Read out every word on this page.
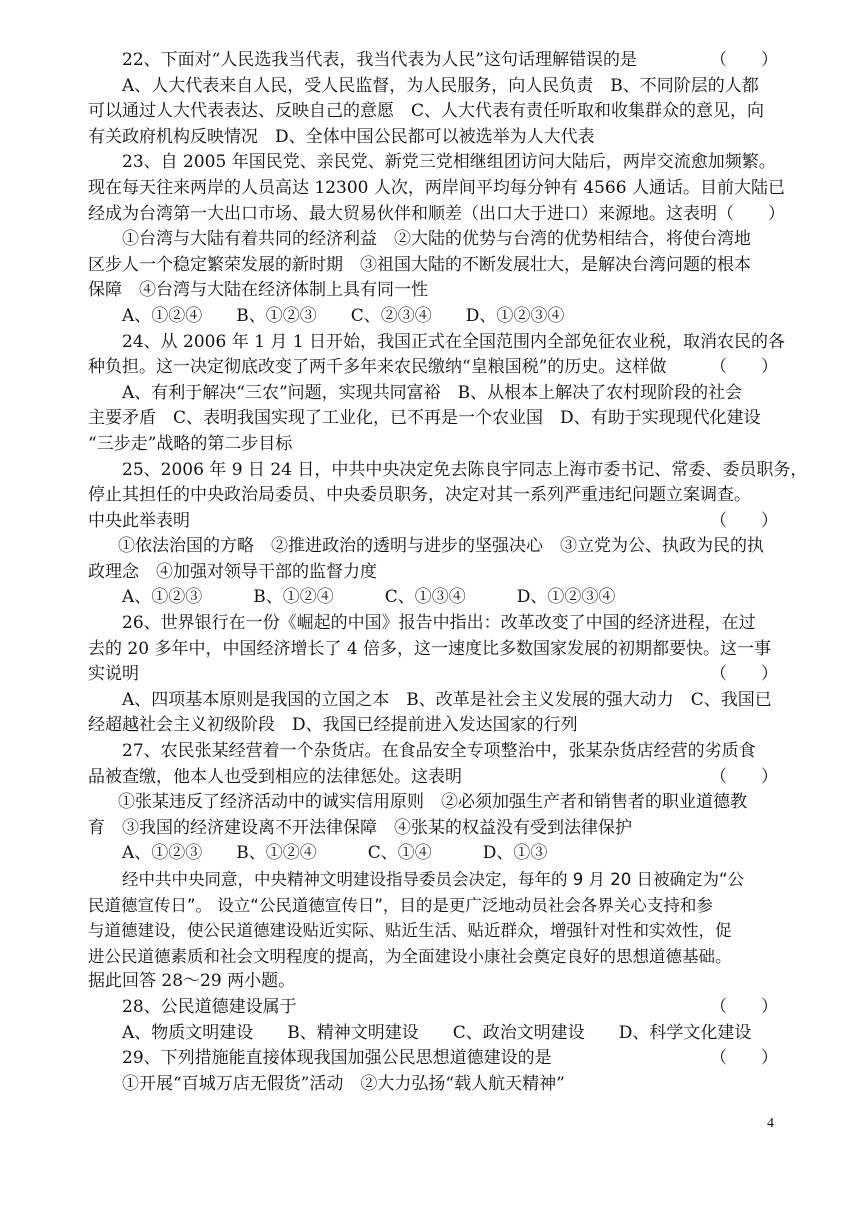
22、下面对“人民选我当代表，我当代表为人民”这句话理解错误的是	（　　）
A、人大代表来自人民，受人民监督，为人民服务，向人民负责　B、不同阶层的人都
可以通过人大代表表达、反映自己的意愿　C、人大代表有责任听取和收集群众的意见，向
有关政府机构反映情况　D、全体中国公民都可以被选举为人大代表
23、自 2005 年国民党、亲民党、新党三党相继组团访问大陆后，两岸交流愈加频繁。
现在每天往来两岸的人员高达 12300 人次，两岸间平均每分钟有 4566 人通话。目前大陆已
经成为台湾第一大出口市场、最大贸易伙伴和顺差（出口大于进口）来源地。这表明（　　）
①台湾与大陆有着共同的经济利益　②大陆的优势与台湾的优势相结合，将使台湾地
区步人一个稳定繁荣发展的新时期　③祖国大陆的不断发展壮大，是解决台湾问题的根本
保障　④台湾与大陆在经济体制上具有同一性
A、①②④　　B、①②③　　C、②③④　　D、①②③④
24、从 2006 年 1 月 1 日开始，我国正式在全国范围内全部免征农业税，取消农民的各
种负担。这一决定彻底改变了两千多年来农民缴纳“皇粮国税”的历史。这样做	（　　）
A、有利于解决“三农”问题，实现共同富裕　B、从根本上解决了农村现阶段的社会
主要矛盾　C、表明我国实现了工业化，已不再是一个农业国　D、有助于实现现代化建设
“三步走”战略的第二步目标
25、2006 年 9 日 24 日，中共中央决定免去陈良宇同志上海市委书记、常委、委员职务，
停止其担任的中央政治局委员、中央委员职务，决定对其一系列严重违纪问题立案调查。
中央此举表明	（　　）
①依法治国的方略　②推进政治的透明与进步的坚强决心　③立党为公、执政为民的执
政理念　④加强对领导干部的监督力度
A、①②③　　　B、①②④　　　C、①③④　　　D、①②③④
26、世界银行在一份《崛起的中国》报告中指出：改革改变了中国的经济进程，在过
去的 20 多年中，中国经济增长了 4 倍多，这一速度比多数国家发展的初期都要快。这一事
实说明	（　　）
A、四项基本原则是我国的立国之本　B、改革是社会主义发展的强大动力　C、我国已
经超越社会主义初级阶段　D、我国已经提前进入发达国家的行列
27、农民张某经营着一个杂货店。在食品安全专项整治中，张某杂货店经营的劣质食
品被查缴，他本人也受到相应的法律惩处。这表明	（　　）
①张某违反了经济活动中的诚实信用原则　②必须加强生产者和销售者的职业道德教
育　③我国的经济建设离不开法律保障　④张某的权益没有受到法律保护
A、①②③　　B、①②④　　　C、①④　　　D、①③
经中共中央同意，中央精神文明建设指导委员会决定，每年的 9 月 20 日被确定为“公
民道德宣传日”。 设立“公民道德宣传日”，目的是更广泛地动员社会各界关心支持和参
与道德建设，使公民道德建设贴近实际、贴近生活、贴近群众，增强针对性和实效性，促
进公民道德素质和社会文明程度的提高，为全面建设小康社会奠定良好的思想道德基础。
据此回答 28～29 两小题。
28、公民道德建设属于	（　　）
A、物质文明建设　　B、精神文明建设　　C、政治文明建设　　D、科学文化建设
29、下列措施能直接体现我国加强公民思想道德建设的是	（　　）
①开展“百城万店无假货”活动　②大力弘扬“载人航天精神”
4
